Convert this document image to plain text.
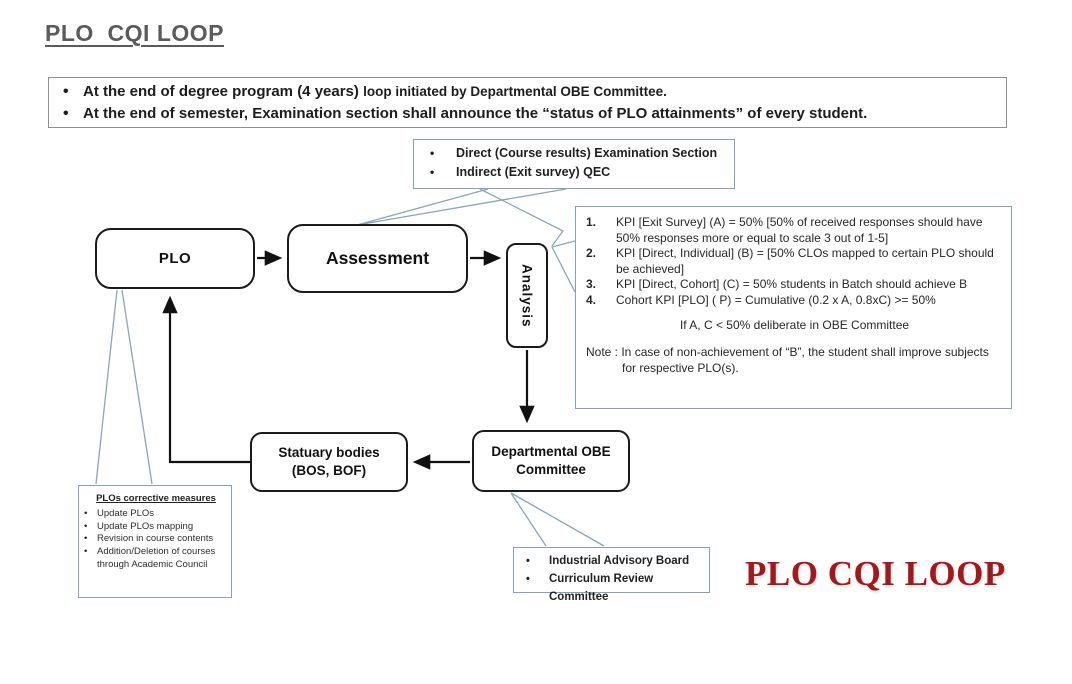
PLO  CQI LOOP
• At the end of degree program (4 years) loop initiated by Departmental OBE Committee.
• At the end of semester, Examination section shall announce the “status of PLO attainments” of every student.
•	Direct (Course results) Examination Section
•	Indirect (Exit survey) QEC
PLO	Assessment
Analysis
Statuary bodies
(BOS, BOF)
Departmental OBE
Committee
1.	KPI [Exit Survey] (A) = 50% [50% of received responses should have 50% responses more or equal to scale 3 out of 1-5]
2.	KPI [Direct, Individual] (B) = [50% CLOs mapped to certain PLO should be achieved]
3.	KPI [Direct, Cohort] (C) = 50% students in Batch should achieve B
4.	Cohort KPI [PLO] ( P) = Cumulative (0.2 x A, 0.8xC) >= 50%
If A, C < 50% deliberate in OBE Committee
Note : In case of non-achievement of “B”, the student shall improve subjects for respective PLO(s).
PLOs corrective measures
•	Update PLOs
•	Update PLOs mapping
•	Revision in course contents
•	Addition/Deletion of courses through Academic Council	•	Industrial Advisory Board
•	Curriculum Review Committee
PLO CQI LOOP
